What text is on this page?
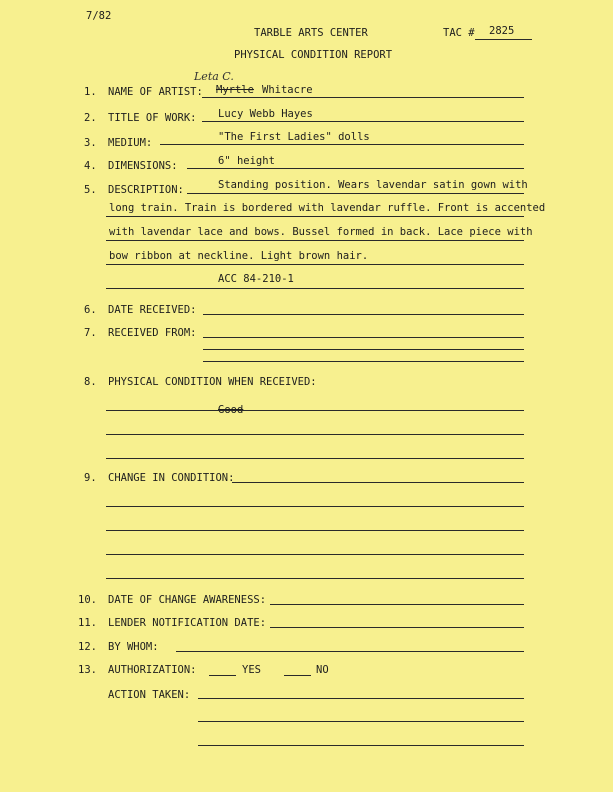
7/82
TARBLE ARTS CENTER	TAC # 2825
PHYSICAL CONDITION REPORT
1. NAME OF ARTIST:
Leta C.
Myrtle Whitacre
2. TITLE OF WORK: Lucy Webb Hayes
3. MEDIUM:	"The First Ladies" dolls
4. DIMENSIONS:	6" height
5. DESCRIPTION:	Standing position. Wears lavendar satin gown with
long train. Train is bordered with lavendar ruffle. Front is accented
with lavendar lace and bows. Bussel formed in back. Lace piece with
bow ribbon at neckline. Light brown hair.
ACC 84-210-1
6. DATE RECEIVED:
7. RECEIVED FROM:
8. PHYSICAL CONDITION WHEN RECEIVED:
Good
9. CHANGE IN CONDITION:
10. DATE OF CHANGE AWARENESS:
11. LENDER NOTIFICATION DATE:
12. BY WHOM:
13. AUTHORIZATION:	YES	NO
ACTION TAKEN:
